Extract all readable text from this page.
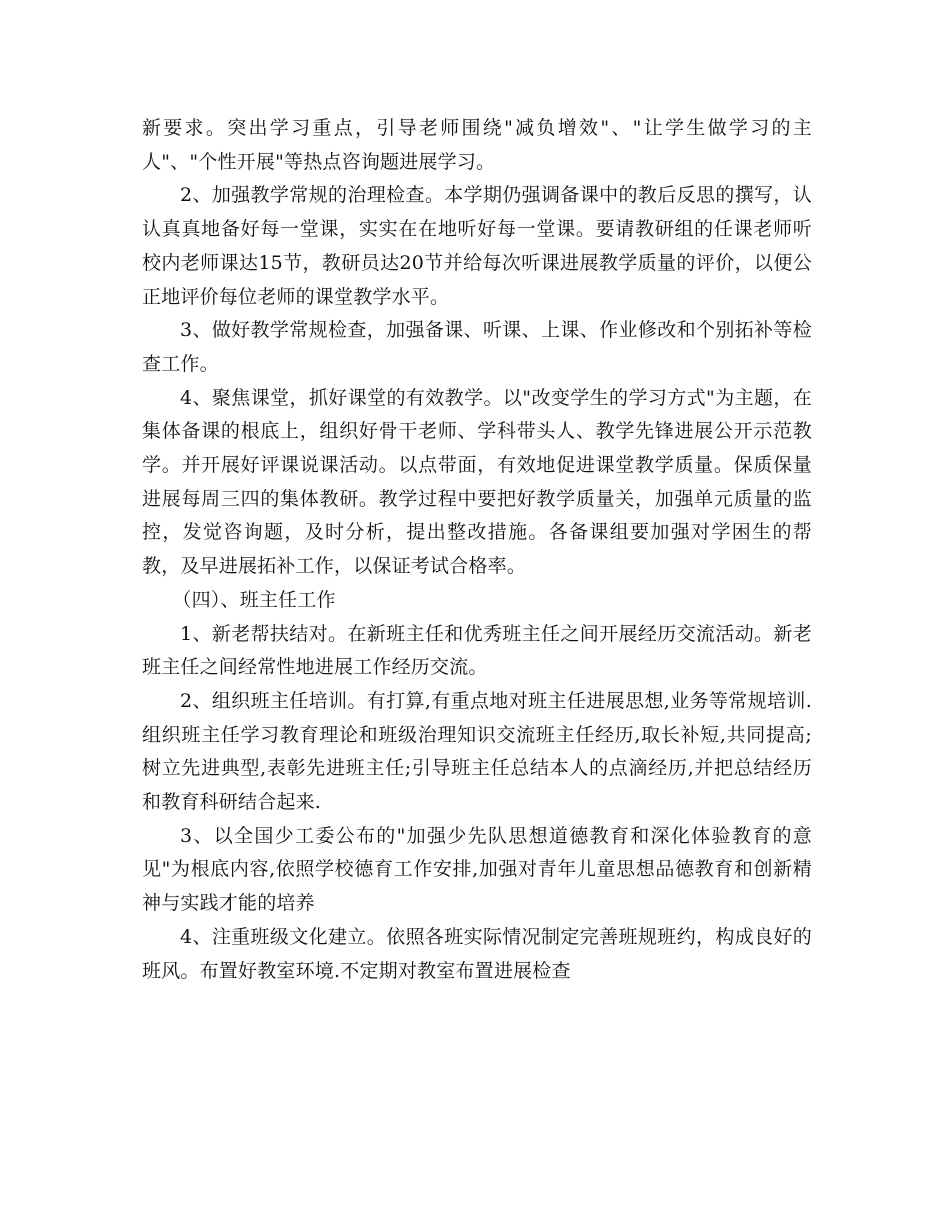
新要求。突出学习重点，引导老师围绕"减负增效"、"让学生做学习的主人"、"个性开展"等热点咨询题进展学习。

2、加强教学常规的治理检查。本学期仍强调备课中的教后反思的撰写，认认真真地备好每一堂课，实实在在地听好每一堂课。要请教研组的任课老师听校内老师课达15节，教研员达20节并给每次听课进展教学质量的评价，以便公正地评价每位老师的课堂教学水平。

3、做好教学常规检查，加强备课、听课、上课、作业修改和个别拓补等检查工作。

4、聚焦课堂，抓好课堂的有效教学。以"改变学生的学习方式"为主题，在集体备课的根底上，组织好骨干老师、学科带头人、教学先锋进展公开示范教学。并开展好评课说课活动。以点带面，有效地促进课堂教学质量。保质保量进展每周三四的集体教研。教学过程中要把好教学质量关，加强单元质量的监控，发觉咨询题，及时分析，提出整改措施。各备课组要加强对学困生的帮教，及早进展拓补工作，以保证考试合格率。

（四）、班主任工作

1、新老帮扶结对。在新班主任和优秀班主任之间开展经历交流活动。新老班主任之间经常性地进展工作经历交流。

2、组织班主任培训。有打算,有重点地对班主任进展思想,业务等常规培训.组织班主任学习教育理论和班级治理知识交流班主任经历,取长补短,共同提高;树立先进典型,表彰先进班主任;引导班主任总结本人的点滴经历,并把总结经历和教育科研结合起来.

3、以全国少工委公布的"加强少先队思想道德教育和深化体验教育的意见"为根底内容,依照学校德育工作安排,加强对青年儿童思想品德教育和创新精神与实践才能的培养

4、注重班级文化建立。依照各班实际情况制定完善班规班约，构成良好的班风。布置好教室环境.不定期对教室布置进展检查
